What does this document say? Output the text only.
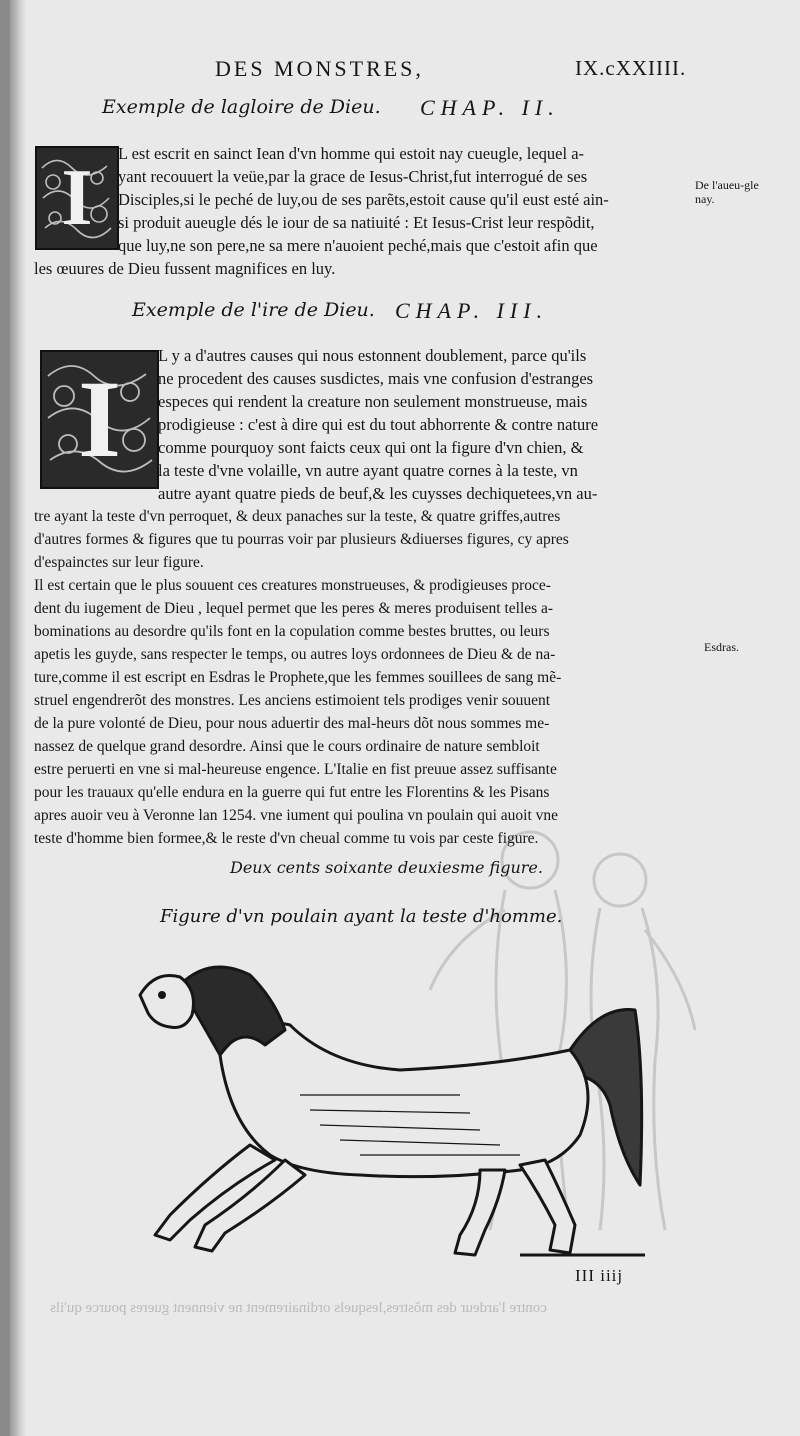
contre l'ardeur des mõstres,lesquels ordinairement ne viennent gueres pource qu'ils
DES MONSTRES,	IX.cXXIIII.
Exemple de lagloire de Dieu. CHAP. II.
I L est escrit en sainct Iean d'vn homme qui estoit nay cueugle, lequel a-

yant recouuert la veüe,par la grace de Iesus-Christ,fut interrogué de ses

Disciples,si le peché de luy,ou de ses parẽts,estoit cause qu'il eust esté ain-

si produit aueugle dés le iour de sa natiuité : Et Iesus-Crist leur respõdit,

que luy,ne son pere,ne sa mere n'auoient peché,mais que c'estoit afin que

les œuures de Dieu fussent magnifices en luy.
De l'aueu-gle nay.
Exemple de l'ire de Dieu. CHAP. III.
I

L y a d'autres causes qui nous estonnent doublement, parce qu'ils

ne procedent des causes susdictes, mais vne confusion d'estranges

especes qui rendent la creature non seulement monstrueuse, mais

prodigieuse : c'est à dire qui est du tout abhorrente & contre nature

comme pourquoy sont faicts ceux qui ont la figure d'vn chien, &

la teste d'vne volaille, vn autre ayant quatre cornes à la teste, vn

autre ayant quatre pieds de beuf,& les cuysses dechiquetees,vn au-

tre ayant la teste d'vn perroquet, & deux panaches sur la teste, & quatre griffes,autres

d'autres formes & figures que tu pourras voir par plusieurs &diuerses figures, cy apres

d'espainctes sur leur figure.

Il est certain que le plus souuent ces creatures monstrueuses, & prodigieuses proce-

dent du iugement de Dieu , lequel permet que les peres & meres produisent telles a-

bominations au desordre qu'ils font en la copulation comme bestes bruttes, ou leurs

apetis les guyde, sans respecter le temps, ou autres loys ordonnees de Dieu & de na-

ture,comme il est escript en Esdras le Prophete,que les femmes souillees de sang mẽ-

struel engendrerõt des monstres. Les anciens estimoient tels prodiges venir souuent

de la pure volonté de Dieu, pour nous aduertir des mal-heurs dõt nous sommes me-

nassez de quelque grand desordre. Ainsi que le cours ordinaire de nature sembloit

estre peruerti en vne si mal-heureuse engence. L'Italie en fist preuue assez suffisante

pour les trauaux qu'elle endura en la guerre qui fut entre les Florentins & les Pisans

apres auoir veu à Veronne lan 1254. vne iument qui poulina vn poulain qui auoit vne

teste d'homme bien formee,& le reste d'vn cheual comme tu vois par ceste figure.

Esdras.
Deux cents soixante deuxiesme figure.
Figure d'vn poulain ayant la teste d'homme.
III iiij
